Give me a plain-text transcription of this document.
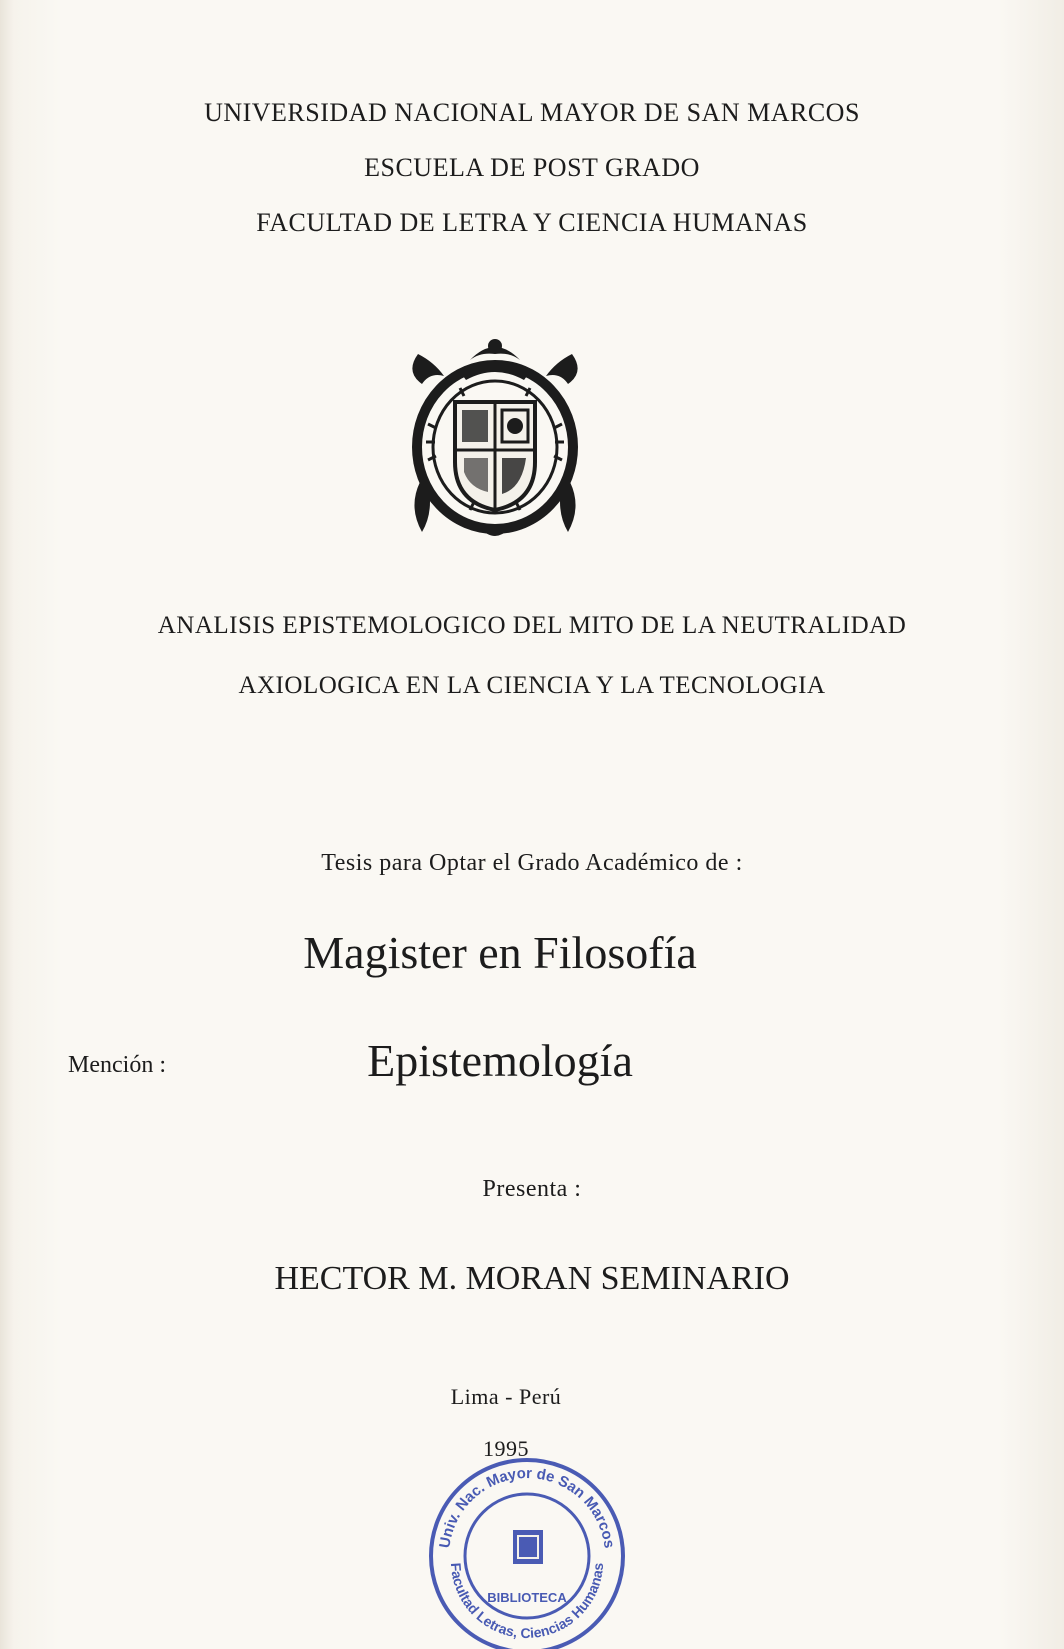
UNIVERSIDAD NACIONAL MAYOR DE SAN MARCOS
ESCUELA DE POST GRADO
FACULTAD DE LETRA Y CIENCIA HUMANAS
ANALISIS EPISTEMOLOGICO DEL MITO DE LA NEUTRALIDAD
AXIOLOGICA EN LA CIENCIA Y LA TECNOLOGIA
Tesis para Optar el Grado Académico de :
Magister en Filosofía
Mención :	Epistemología
Presenta :
HECTOR M. MORAN SEMINARIO
Lima - Perú
1995
Univ. Nac. Mayor de San Marcos
Facultad Letras, Ciencias Humanas
BIBLIOTECA
